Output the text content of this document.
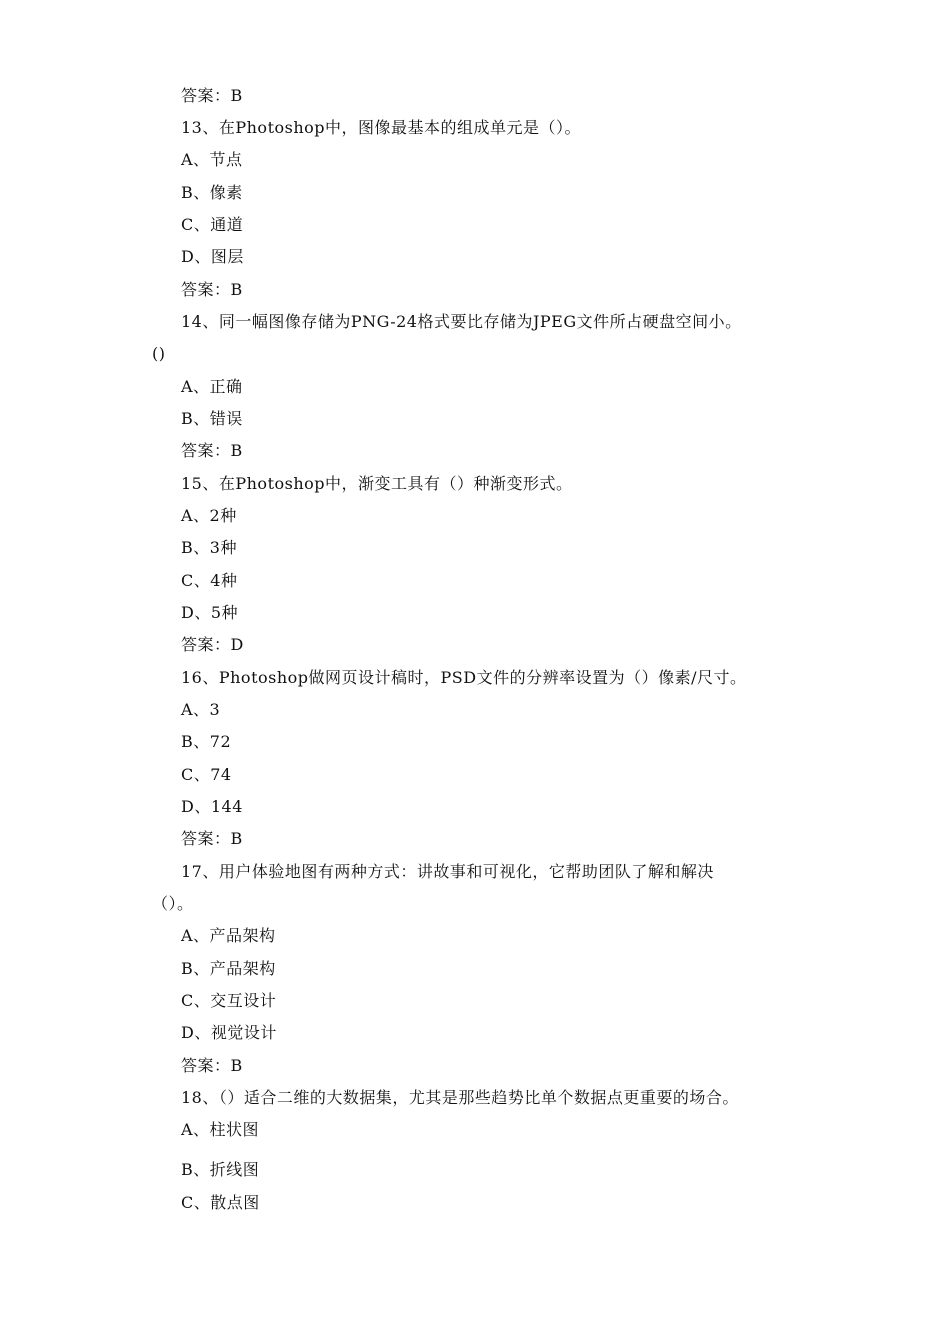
答案：B
13、在Photoshop中，图像最基本的组成单元是（）。
A、节点
B、像素
C、通道
D、图层
答案：B
14、同一幅图像存储为PNG-24格式要比存储为JPEG文件所占硬盘空间小。
()
A、正确
B、错误
答案：B
15、在Photoshop中，渐变工具有（）种渐变形式。
A、2种
B、3种
C、4种
D、5种
答案：D
16、Photoshop做网页设计稿时，PSD文件的分辨率设置为（）像素/尺寸。
A、3
B、72
C、74
D、144
答案：B
17、用户体验地图有两种方式：讲故事和可视化，它帮助团队了解和解决
（）。
A、产品架构
B、产品架构
C、交互设计
D、视觉设计
答案：B
18、（）适合二维的大数据集，尤其是那些趋势比单个数据点更重要的场合。
A、柱状图
B、折线图
C、散点图
